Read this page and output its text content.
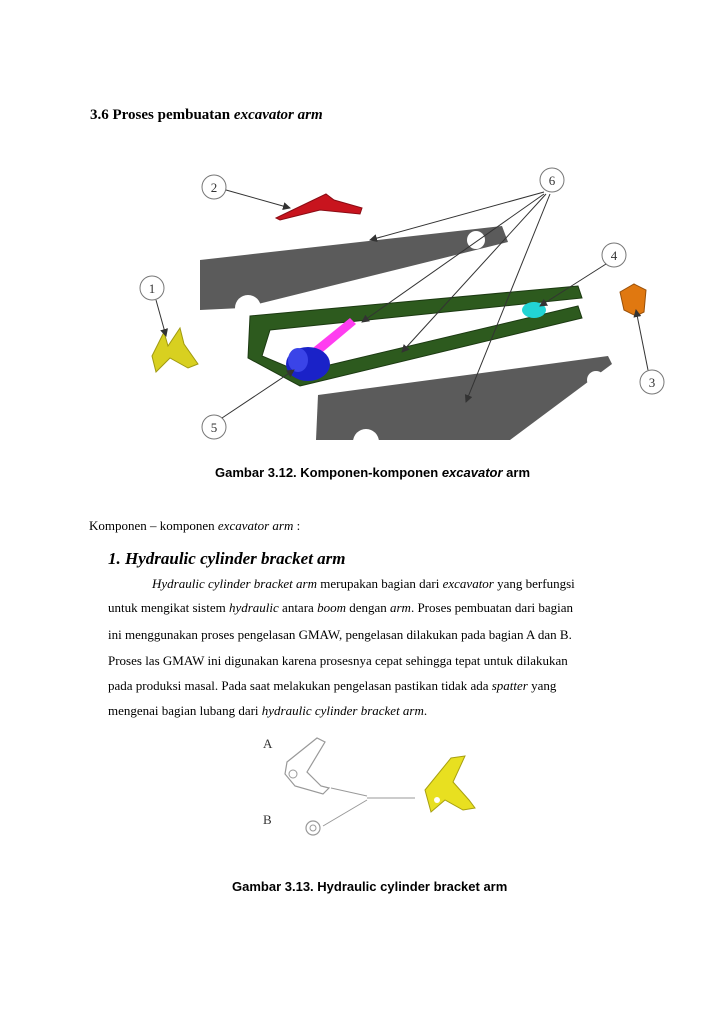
3.6 Proses pembuatan excavator arm
2	6
4
1
3
5
Gambar 3.12. Komponen-komponen excavator arm
Komponen – komponen excavator arm :
1. Hydraulic cylinder bracket arm
Hydraulic cylinder bracket arm merupakan bagian dari excavator yang berfungsi
untuk mengikat sistem hydraulic antara boom dengan arm. Proses pembuatan dari bagian
ini menggunakan proses pengelasan GMAW, pengelasan dilakukan pada bagian A dan B.
Proses las GMAW ini digunakan karena prosesnya cepat sehingga tepat untuk dilakukan
pada produksi masal. Pada saat melakukan pengelasan pastikan tidak ada spatter yang
mengenai bagian lubang dari hydraulic cylinder bracket arm.
A
B
Gambar 3.13. Hydraulic cylinder bracket arm
